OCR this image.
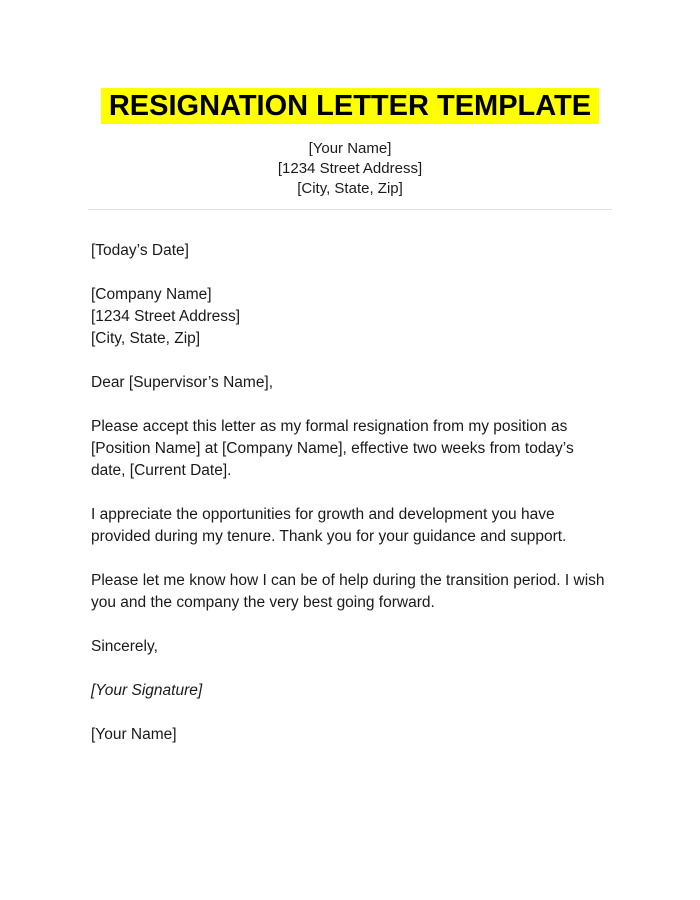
RESIGNATION LETTER TEMPLATE
[Your Name]
[1234 Street Address]
[City, State, Zip]

[Today’s Date]

[Company Name]
[1234 Street Address]
[City, State, Zip]

Dear [Supervisor’s Name],

Please accept this letter as my formal resignation from my position as [Position Name] at [Company Name], effective two weeks from today’s date, [Current Date].

I appreciate the opportunities for growth and development you have provided during my tenure. Thank you for your guidance and support.

Please let me know how I can be of help during the transition period. I wish you and the company the very best going forward.

Sincerely,

[Your Signature]

[Your Name]
